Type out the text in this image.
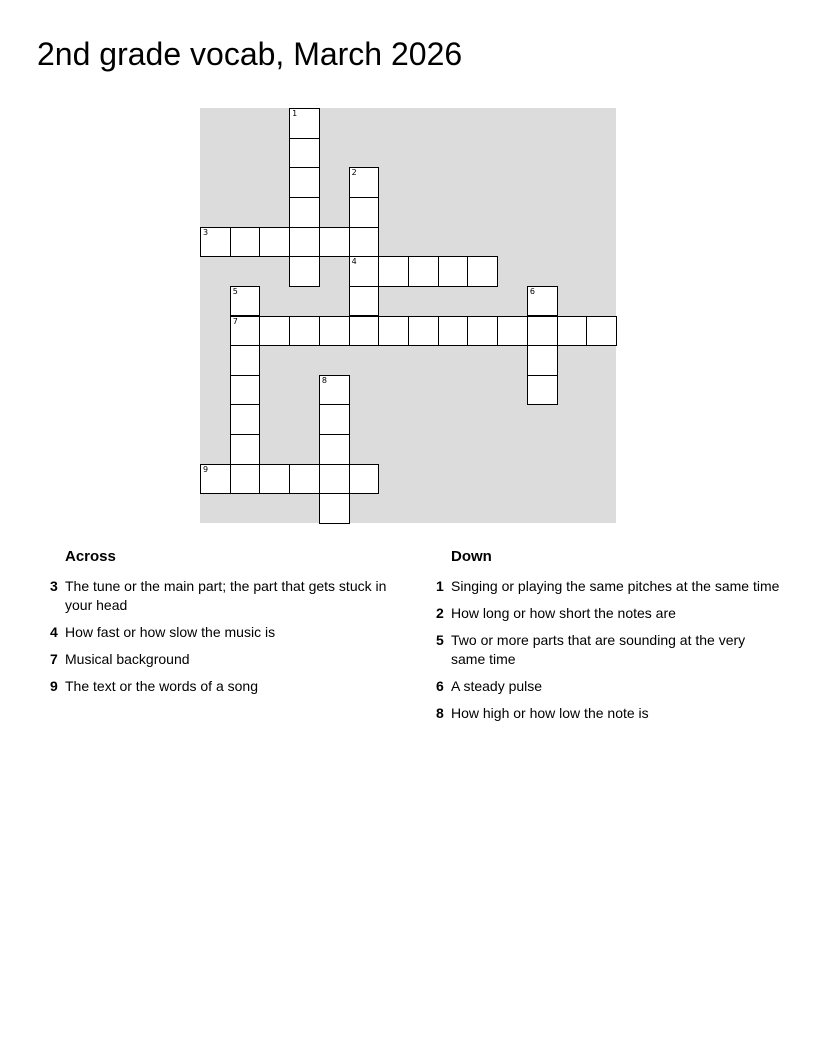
2nd grade vocab, March 2026
1
2
4
3
5
7
6
8
9
Across
3 The tune or the main part; the part that gets stuck in your head
4 How fast or how slow the music is
7 Musical background
9 The text or the words of a song
Down
1 Singing or playing the same pitches at the same time
2 How long or how short the notes are
5 Two or more parts that are sounding at the very same time
6 A steady pulse
8 How high or how low the note is
